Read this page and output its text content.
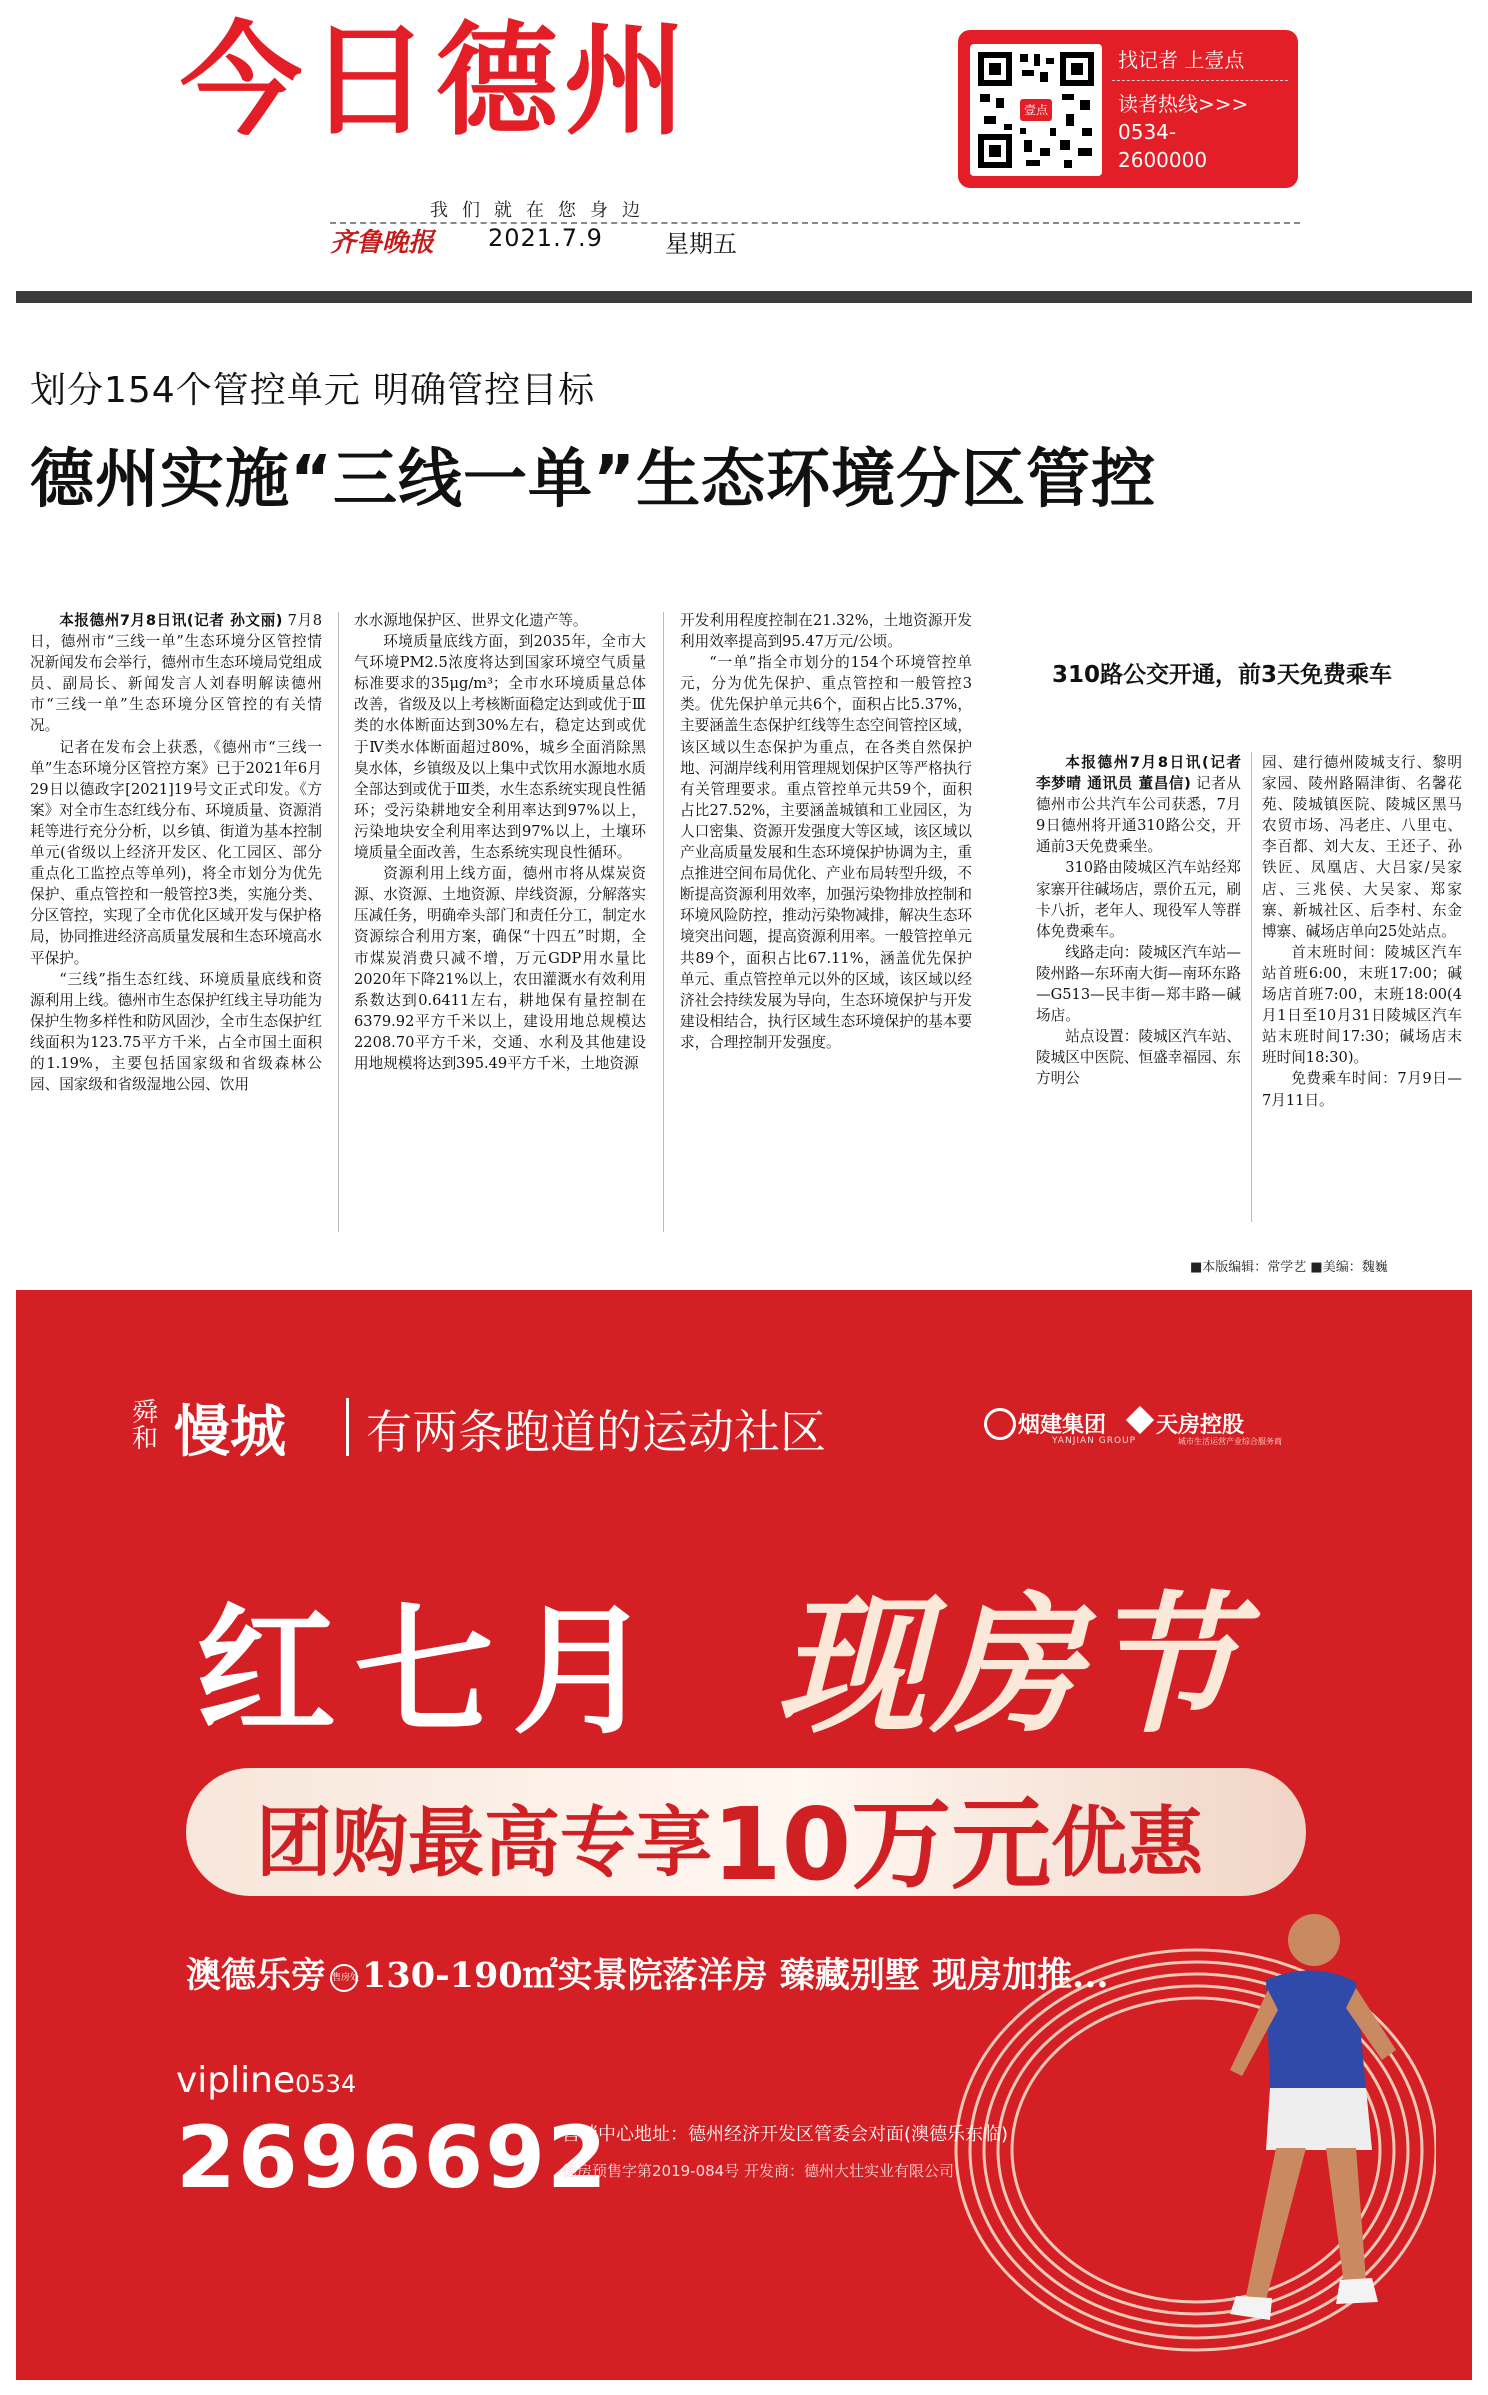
今日德州
我们就在您身边
齐鲁晚报 2021.7.9	星期五
壹点
找记者 上壹点
读者热线>>>
0534-
2600000
划分154个管控单元 明确管控目标
德州实施“三线一单”生态环境分区管控

本报德州7月8日讯(记者 孙文丽) 7月8日，德州市“三线一单”生态环境分区管控情况新闻发布会举行，德州市生态环境局党组成员、副局长、新闻发言人刘春明解读德州市“三线一单”生态环境分区管控的有关情况。

记者在发布会上获悉，《德州市“三线一单”生态环境分区管控方案》已于2021年6月29日以德政字[2021]19号文正式印发。《方案》对全市生态红线分布、环境质量、资源消耗等进行充分分析，以乡镇、街道为基本控制单元(省级以上经济开发区、化工园区、部分重点化工监控点等单列)，将全市划分为优先保护、重点管控和一般管控3类，实施分类、分区管控，实现了全市优化区域开发与保护格局，协同推进经济高质量发展和生态环境高水平保护。

“三线”指生态红线、环境质量底线和资源利用上线。德州市生态保护红线主导功能为保护生物多样性和防风固沙，全市生态保护红线面积为123.75平方千米，占全市国土面积的1.19%，主要包括国家级和省级森林公园、国家级和省级湿地公园、饮用

水水源地保护区、世界文化遗产等。

环境质量底线方面，到2035年，全市大气环境PM2.5浓度将达到国家环境空气质量标准要求的35μg/m³；全市水环境质量总体改善，省级及以上考核断面稳定达到或优于Ⅲ类的水体断面达到30%左右，稳定达到或优于Ⅳ类水体断面超过80%，城乡全面消除黑臭水体，乡镇级及以上集中式饮用水源地水质全部达到或优于Ⅲ类，水生态系统实现良性循环；受污染耕地安全利用率达到97%以上，污染地块安全利用率达到97%以上，土壤环境质量全面改善，生态系统实现良性循环。

资源利用上线方面，德州市将从煤炭资源、水资源、土地资源、岸线资源，分解落实压减任务，明确牵头部门和责任分工，制定水资源综合利用方案，确保“十四五”时期，全市煤炭消费只减不增，万元GDP用水量比2020年下降21%以上，农田灌溉水有效利用系数达到0.6411左右，耕地保有量控制在6379.92平方千米以上，建设用地总规模达2208.70平方千米，交通、水利及其他建设用地规模将达到395.49平方千米，土地资源

开发利用程度控制在21.32%，土地资源开发利用效率提高到95.47万元/公顷。

“一单”指全市划分的154个环境管控单元，分为优先保护、重点管控和一般管控3类。优先保护单元共6个，面积占比5.37%，主要涵盖生态保护红线等生态空间管控区域，该区域以生态保护为重点，在各类自然保护地、河湖岸线利用管理规划保护区等严格执行有关管理要求。重点管控单元共59个，面积占比27.52%，主要涵盖城镇和工业园区，为人口密集、资源开发强度大等区域，该区域以产业高质量发展和生态环境保护协调为主，重点推进空间布局优化、产业布局转型升级，不断提高资源利用效率，加强污染物排放控制和环境风险防控，推动污染物减排，解决生态环境突出问题，提高资源利用率。一般管控单元共89个，面积占比67.11%，涵盖优先保护单元、重点管控单元以外的区域，该区域以经济社会持续发展为导向，生态环境保护与开发建设相结合，执行区域生态环境保护的基本要求，合理控制开发强度。

310路公交开通，前3天免费乘车

本报德州7月8日讯(记者 李梦晴 通讯员 董昌信) 记者从德州市公共汽车公司获悉，7月9日德州将开通310路公交，开通前3天免费乘坐。

310路由陵城区汽车站经郑家寨开往碱场店，票价五元，刷卡八折，老年人、现役军人等群体免费乘车。

线路走向：陵城区汽车站—陵州路—东环南大街—南环东路—G513—民丰街—郑丰路—碱场店。

站点设置：陵城区汽车站、陵城区中医院、恒盛幸福园、东方明公

园、建行德州陵城支行、黎明家园、陵州路隔津街、名馨花苑、陵城镇医院、陵城区黑马农贸市场、冯老庄、八里屯、李百都、刘大友、王还子、孙铁匠、凤凰店、大吕家/吴家店、三兆侯、大吴家、郑家寨、新城社区、后李村、东金博寨、碱场店单向25处站点。

首末班时间：陵城区汽车站首班6:00，末班17:00；碱场店首班7:00，末班18:00(4月1日至10月31日陵城区汽车站末班时间17:30；碱场店末班时间18:30)。

免费乘车时间：7月9日—7月11日。

■本版编辑：常学艺 ■美编：魏巍
舜和 慢城 有两条跑道的运动社区	烟建集团
YANJIAN GROUP
天房控股
城市生活运营产业综合服务商
红七月 现房节
团购最高专享10万元优惠
澳德乐旁 售房处130-190㎡实景院落洋房 臻藏别墅 现房加推...
vipline0534
2696692
营销中心地址：德州经济开发区管委会对面(澳德乐东临)
德房预售字第2019-084号 开发商：德州大壮实业有限公司
